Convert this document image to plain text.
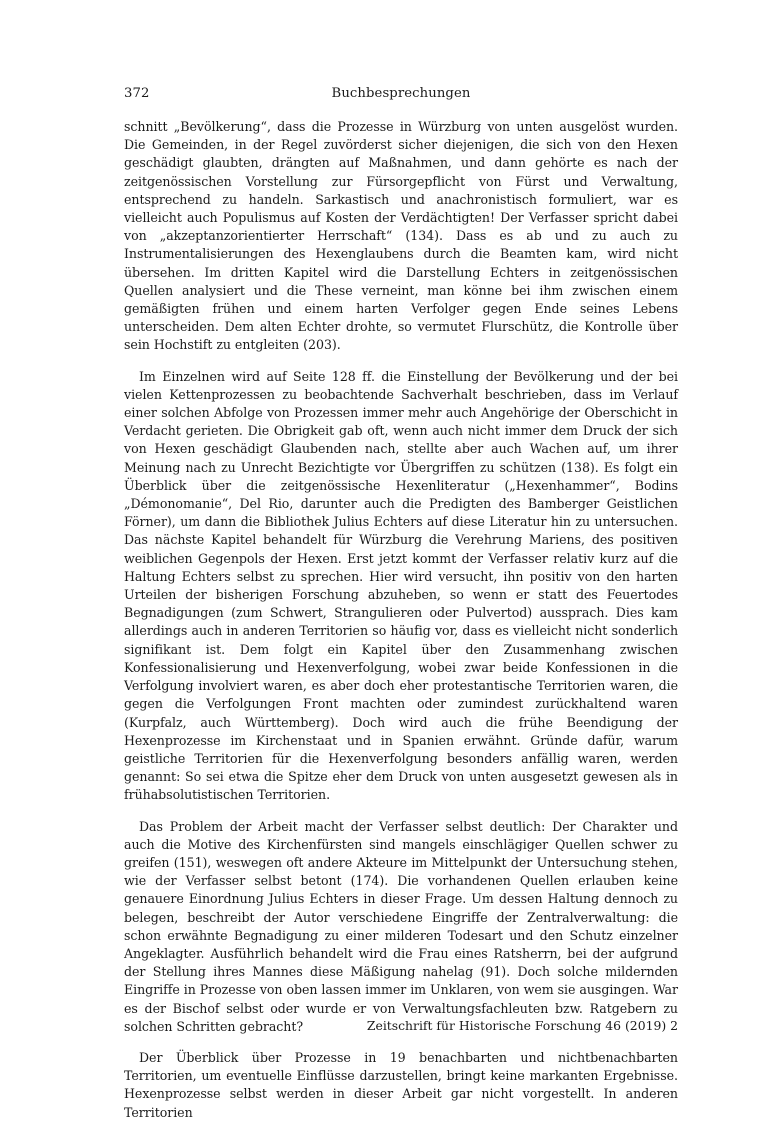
372	Buchbesprechungen

schnitt „Bevölkerung“, dass die Prozesse in Würzburg von unten ausgelöst wurden. Die Gemeinden, in der Regel zuvörderst sicher diejenigen, die sich von den Hexen geschädigt glaubten, drängten auf Maßnahmen, und dann gehörte es nach der zeitgenössischen Vorstellung zur Fürsorgepflicht von Fürst und Verwaltung, entsprechend zu handeln. Sarkastisch und anachronistisch formuliert, war es vielleicht auch Populismus auf Kosten der Verdächtigten! Der Verfasser spricht dabei von „akzeptanzorientierter Herrschaft“ (134). Dass es ab und zu auch zu Instrumentalisierungen des Hexenglaubens durch die Beamten kam, wird nicht übersehen. Im dritten Kapitel wird die Darstellung Echters in zeitgenössischen Quellen analysiert und die These verneint, man könne bei ihm zwischen einem gemäßigten frühen und einem harten Verfolger gegen Ende seines Lebens unterscheiden. Dem alten Echter drohte, so vermutet Flurschütz, die Kontrolle über sein Hochstift zu entgleiten (203).

Im Einzelnen wird auf Seite 128 ff. die Einstellung der Bevölkerung und der bei vielen Kettenprozessen zu beobachtende Sachverhalt beschrieben, dass im Verlauf einer solchen Abfolge von Prozessen immer mehr auch Angehörige der Oberschicht in Verdacht gerieten. Die Obrigkeit gab oft, wenn auch nicht immer dem Druck der sich von Hexen geschädigt Glaubenden nach, stellte aber auch Wachen auf, um ihrer Meinung nach zu Unrecht Bezichtigte vor Übergriffen zu schützen (138). Es folgt ein Überblick über die zeitgenössische Hexenliteratur („Hexenhammer“, Bodins „Démonomanie“, Del Rio, darunter auch die Predigten des Bamberger Geistlichen Förner), um dann die Bibliothek Julius Echters auf diese Literatur hin zu untersuchen. Das nächste Kapitel behandelt für Würzburg die Verehrung Mariens, des positiven weiblichen Gegenpols der Hexen. Erst jetzt kommt der Verfasser relativ kurz auf die Haltung Echters selbst zu sprechen. Hier wird versucht, ihn positiv von den harten Urteilen der bisherigen Forschung abzuheben, so wenn er statt des Feuertodes Begnadigungen (zum Schwert, Strangulieren oder Pulvertod) aussprach. Dies kam allerdings auch in anderen Territorien so häufig vor, dass es vielleicht nicht sonderlich signifikant ist. Dem folgt ein Kapitel über den Zusammenhang zwischen Konfessionalisierung und Hexenverfolgung, wobei zwar beide Konfessionen in die Verfolgung involviert waren, es aber doch eher protestantische Territorien waren, die gegen die Verfolgungen Front machten oder zumindest zurückhaltend waren (Kurpfalz, auch Württemberg). Doch wird auch die frühe Beendigung der Hexenprozesse im Kirchenstaat und in Spanien erwähnt. Gründe dafür, warum geistliche Territorien für die Hexenverfolgung besonders anfällig waren, werden genannt: So sei etwa die Spitze eher dem Druck von unten ausgesetzt gewesen als in frühabsolutistischen Territorien.

Das Problem der Arbeit macht der Verfasser selbst deutlich: Der Charakter und auch die Motive des Kirchenfürsten sind mangels einschlägiger Quellen schwer zu greifen (151), weswegen oft andere Akteure im Mittelpunkt der Untersuchung stehen, wie der Verfasser selbst betont (174). Die vorhandenen Quellen erlauben keine genauere Einordnung Julius Echters in dieser Frage. Um dessen Haltung dennoch zu belegen, beschreibt der Autor verschiedene Eingriffe der Zentralverwaltung: die schon erwähnte Begnadigung zu einer milderen Todesart und den Schutz einzelner Angeklagter. Ausführlich behandelt wird die Frau eines Ratsherrn, bei der aufgrund der Stellung ihres Mannes diese Mäßigung nahelag (91). Doch solche mildernden Eingriffe in Prozesse von oben lassen immer im Unklaren, von wem sie ausgingen. War es der Bischof selbst oder wurde er von Verwaltungsfachleuten bzw. Ratgebern zu solchen Schritten gebracht?

Der Überblick über Prozesse in 19 benachbarten und nichtbenachbarten Territorien, um eventuelle Einflüsse darzustellen, bringt keine markanten Ergebnisse. Hexenprozesse selbst werden in dieser Arbeit gar nicht vorgestellt. In anderen Territorien

Zeitschrift für Historische Forschung 46 (2019) 2
